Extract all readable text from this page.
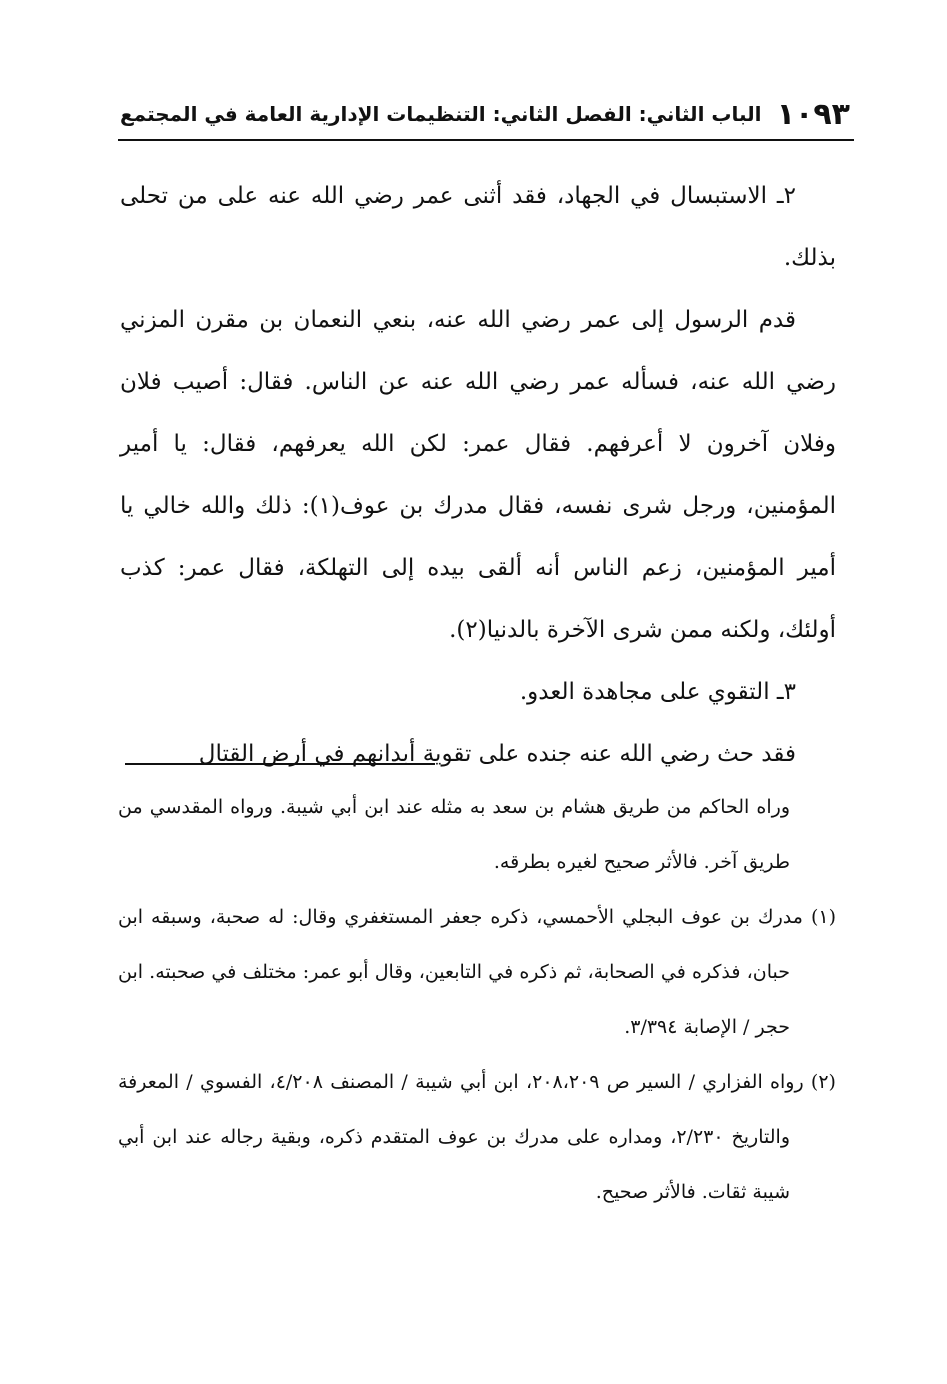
١٠٩٣
الباب الثاني: الفصل الثاني: التنظيمات الإدارية العامة في المجتمع

٢ـ الاستبسال في الجهاد، فقد أثنى عمر رضي الله عنه على من تحلى بذلك.

قدم الرسول إلى عمر رضي الله عنه، بنعي النعمان بن مقرن المزني رضي الله عنه، فسأله عمر رضي الله عنه عن الناس. فقال: أصيب فلان وفلان آخرون لا أعرفهم. فقال عمر: لكن الله يعرفهم، فقال: يا أمير المؤمنين، ورجل شرى نفسه، فقال مدرك بن عوف(١): ذلك والله خالي يا أمير المؤمنين، زعم الناس أنه ألقى بيده إلى التهلكة، فقال عمر: كذب أولئك، ولكنه ممن شرى الآخرة بالدنيا(٢).

٣ـ التقوي على مجاهدة العدو.

فقد حث رضي الله عنه جنده على تقوية أبدانهم في أرض القتال

وراه الحاكم من طريق هشام بن سعد به مثله عند ابن أبي شيبة. ورواه المقدسي من طريق آخر. فالأثر صحيح لغيره بطرقه.

(١) مدرك بن عوف البجلي الأحمسي، ذكره جعفر المستغفري وقال: له صحبة، وسبقه ابن حبان، فذكره في الصحابة، ثم ذكره في التابعين، وقال أبو عمر: مختلف في صحبته. ابن حجر / الإصابة ٣/٣٩٤.

(٢) رواه الفزاري / السير ص ٢٠٨،٢٠٩، ابن أبي شيبة / المصنف ٤/٢٠٨، الفسوي / المعرفة والتاريخ ٢/٢٣٠، ومداره على مدرك بن عوف المتقدم ذكره، وبقية رجاله عند ابن أبي شيبة ثقات. فالأثر صحيح.
